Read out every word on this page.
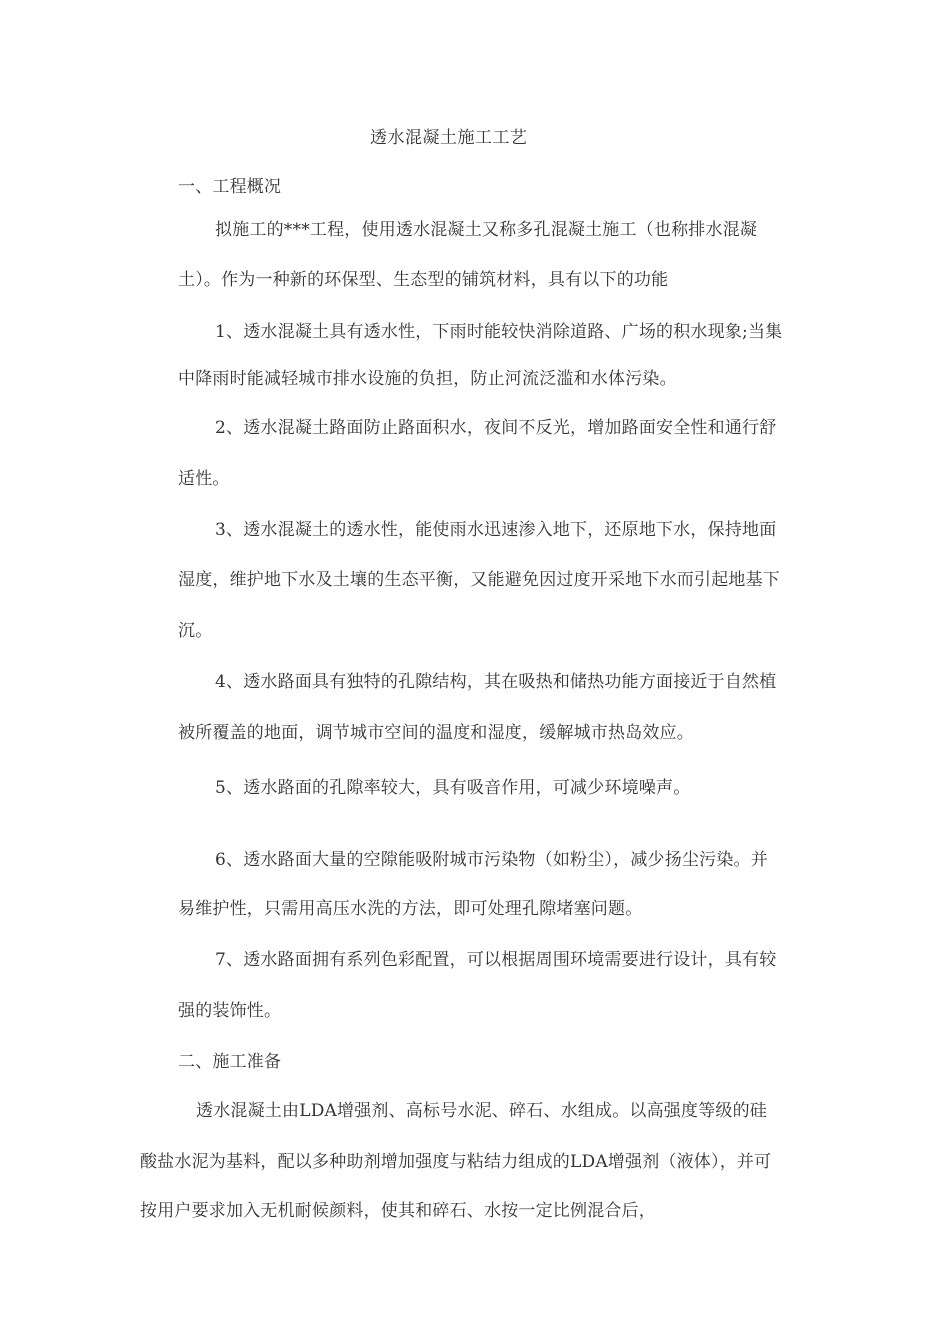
透水混凝土施工工艺
一、工程概况
拟施工的***工程，使用透水混凝土又称多孔混凝土施工（也称排水混凝
土）。作为一种新的环保型、生态型的铺筑材料，具有以下的功能
1、透水混凝土具有透水性，下雨时能较快消除道路、广场的积水现象;当集
中降雨时能减轻城市排水设施的负担，防止河流泛滥和水体污染。
2、透水混凝土路面防止路面积水，夜间不反光，增加路面安全性和通行舒
适性。
3、透水混凝土的透水性，能使雨水迅速渗入地下，还原地下水，保持地面
湿度，维护地下水及土壤的生态平衡，又能避免因过度开采地下水而引起地基下
沉。
4、透水路面具有独特的孔隙结构，其在吸热和储热功能方面接近于自然植
被所覆盖的地面，调节城市空间的温度和湿度，缓解城市热岛效应。
5、透水路面的孔隙率较大，具有吸音作用，可减少环境噪声。
6、透水路面大量的空隙能吸附城市污染物（如粉尘），减少扬尘污染。并
易维护性，只需用高压水洗的方法，即可处理孔隙堵塞问题。
7、透水路面拥有系列色彩配置，可以根据周围环境需要进行设计，具有较
强的装饰性。
二、施工准备
透水混凝土由LDA增强剂、高标号水泥、碎石、水组成。以高强度等级的硅
酸盐水泥为基料，配以多种助剂增加强度与粘结力组成的LDA增强剂（液体），并可
按用户要求加入无机耐候颜料，使其和碎石、水按一定比例混合后，
